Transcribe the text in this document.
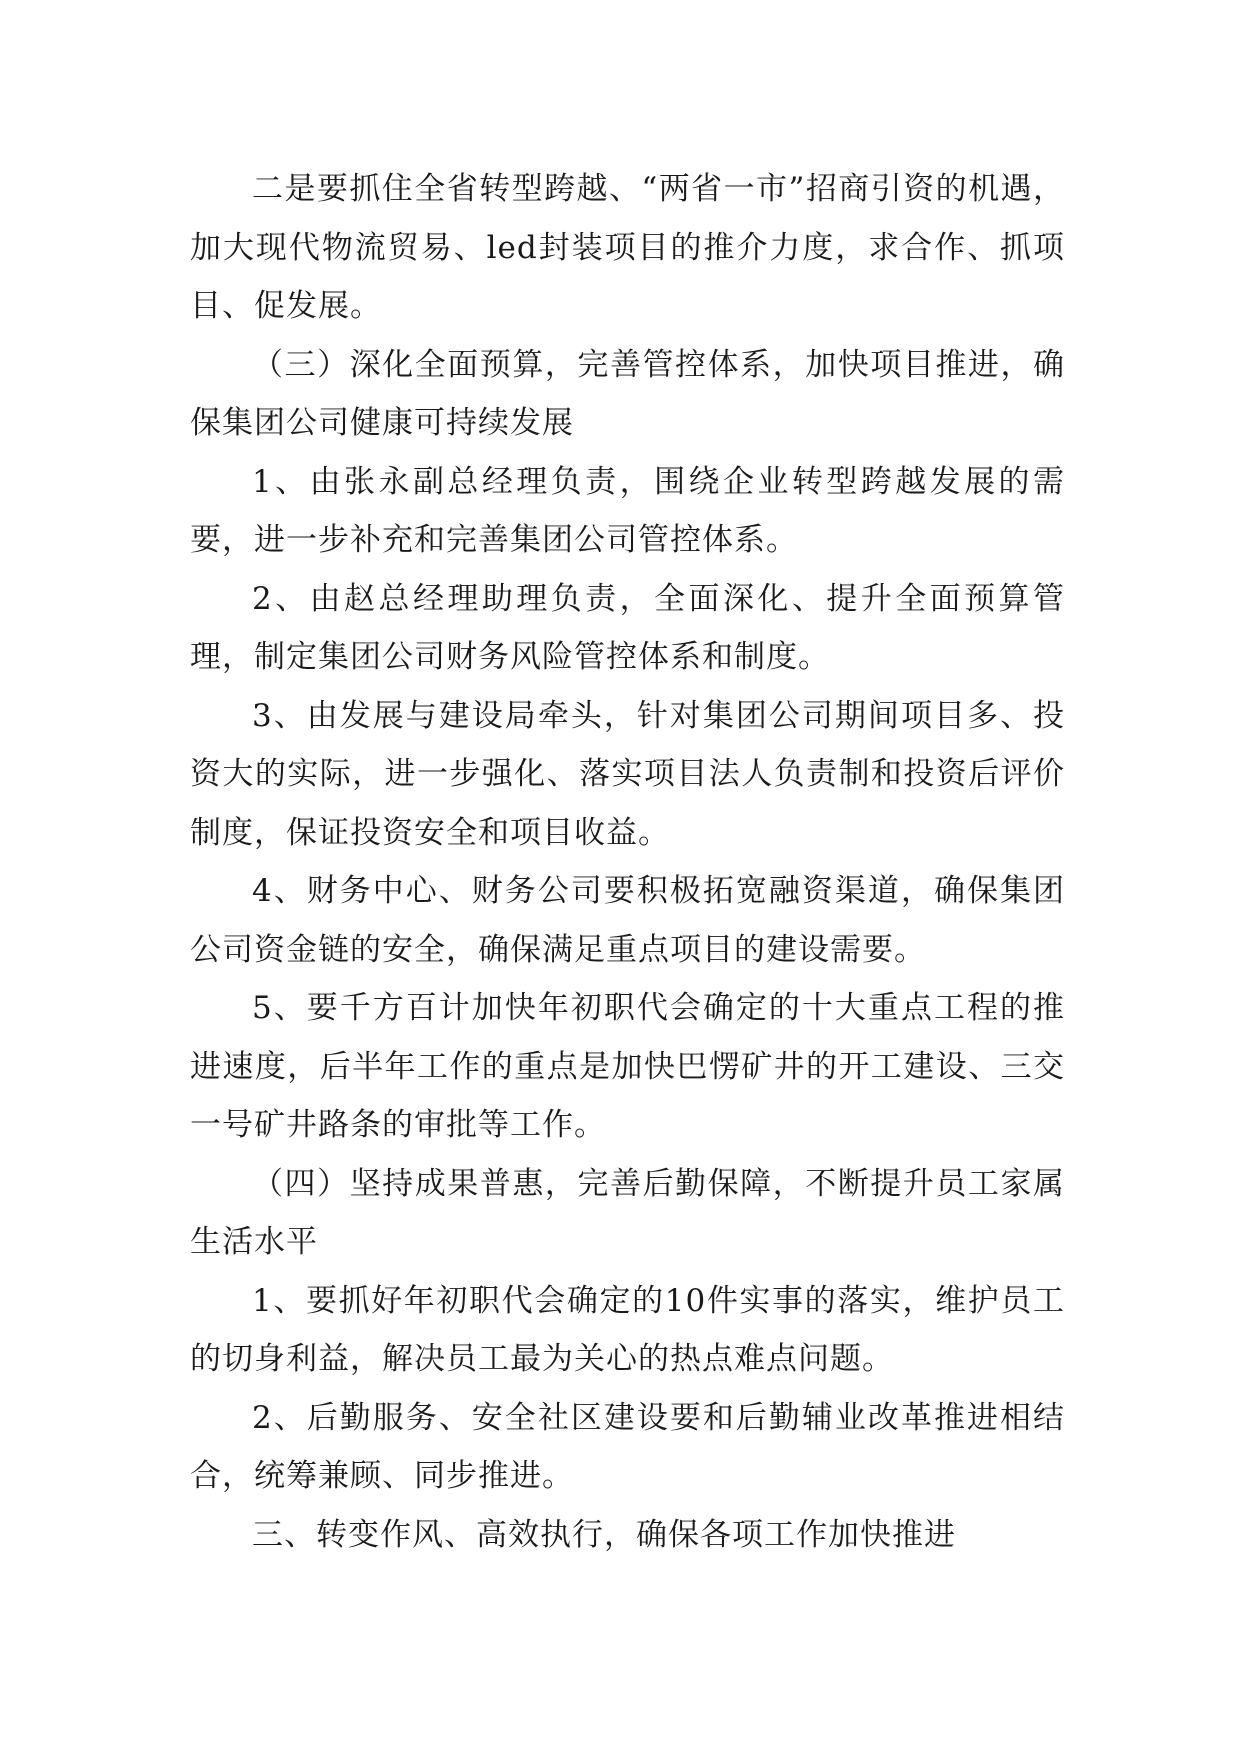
二是要抓住全省转型跨越、“两省一市”招商引资的机遇，加大现代物流贸易、led封装项目的推介力度，求合作、抓项目、促发展。

（三）深化全面预算，完善管控体系，加快项目推进，确保集团公司健康可持续发展

1、由张永副总经理负责，围绕企业转型跨越发展的需要，进一步补充和完善集团公司管控体系。

2、由赵总经理助理负责，全面深化、提升全面预算管理，制定集团公司财务风险管控体系和制度。

3、由发展与建设局牵头，针对集团公司期间项目多、投资大的实际，进一步强化、落实项目法人负责制和投资后评价制度，保证投资安全和项目收益。

4、财务中心、财务公司要积极拓宽融资渠道，确保集团公司资金链的安全，确保满足重点项目的建设需要。

5、要千方百计加快年初职代会确定的十大重点工程的推进速度，后半年工作的重点是加快巴愣矿井的开工建设、三交一号矿井路条的审批等工作。

（四）坚持成果普惠，完善后勤保障，不断提升员工家属生活水平

1、要抓好年初职代会确定的10件实事的落实，维护员工的切身利益，解决员工最为关心的热点难点问题。

2、后勤服务、安全社区建设要和后勤辅业改革推进相结合，统筹兼顾、同步推进。

三、转变作风、高效执行，确保各项工作加快推进
